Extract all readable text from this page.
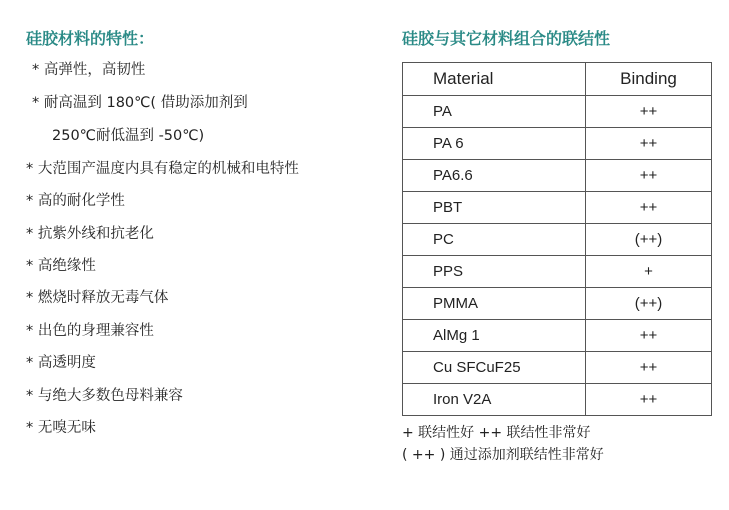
硅胶材料的特性：
* 高弹性，高韧性
* 耐高温到 180℃( 借助添加剂到
250℃耐低温到 -50℃)
* 大范围产温度内具有稳定的机械和电特性
* 高的耐化学性
* 抗紫外线和抗老化
* 高绝缘性
* 燃烧时释放无毒气体
* 出色的身理兼容性
* 高透明度
* 与绝大多数色母料兼容
* 无嗅无味
硅胶与其它材料组合的联结性
Material	Binding
PA	++
PA 6	++
PA6.6	++
PBT	++
PC	(++)
PPS	+
PMMA	(++)
AlMg 1	++
Cu SFCuF25	++
Iron V2A	++
+ 联结性好 ++ 联结性非常好
( ++ ) 通过添加剂联结性非常好
